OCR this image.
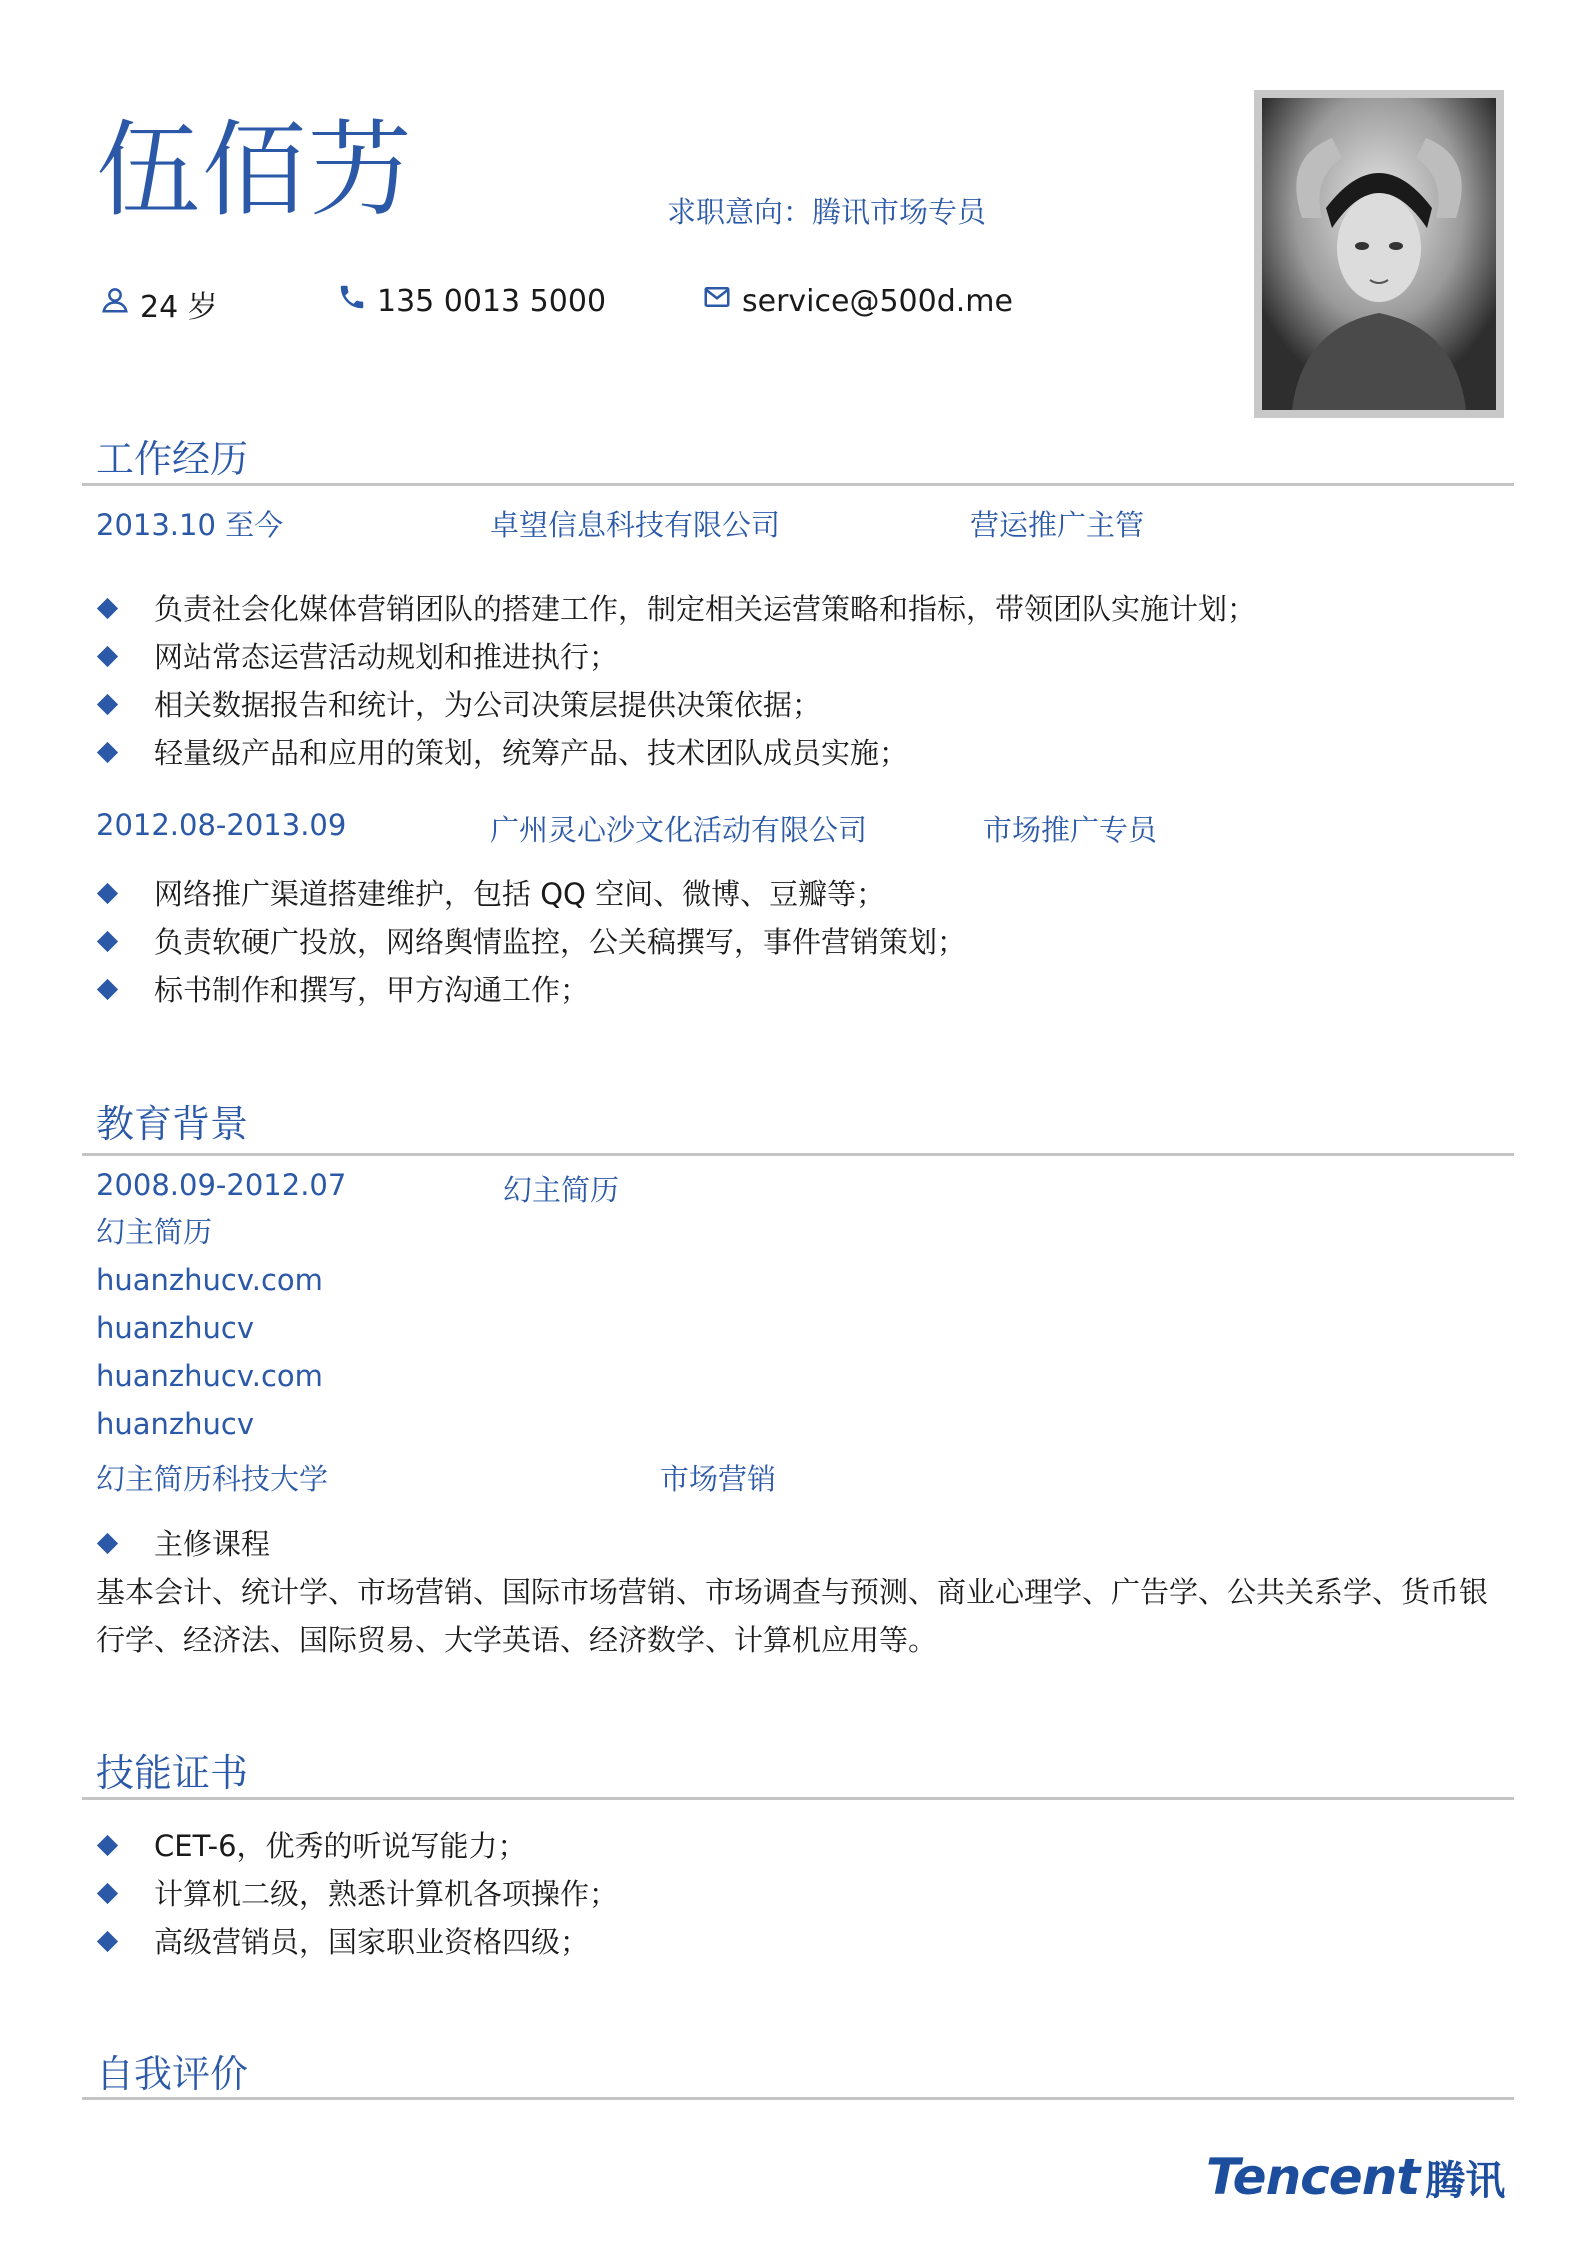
伍佰艻	求职意向：腾讯市场专员
24 岁	135 0013 5000	service@500d.me
工作经历
2013.10 至今	卓望信息科技有限公司	营运推广主管
负责社会化媒体营销团队的搭建工作，制定相关运营策略和指标，带领团队实施计划；
网站常态运营活动规划和推进执行；
相关数据报告和统计，为公司决策层提供决策依据；
轻量级产品和应用的策划，统筹产品、技术团队成员实施；
2012.08-2013.09	广州灵心沙文化活动有限公司	市场推广专员
网络推广渠道搭建维护，包括 QQ 空间、微博、豆瓣等；
负责软硬广投放，网络舆情监控，公关稿撰写，事件营销策划；
标书制作和撰写，甲方沟通工作；
教育背景
2008.09-2012.07	幻主简历
幻主简历
huanzhucv.com
huanzhucv
huanzhucv.com
huanzhucv
幻主简历科技大学	市场营销
主修课程
基本会计、统计学、市场营销、国际市场营销、市场调查与预测、商业心理学、广告学、公共关系学、货币银行学、经济法、国际贸易、大学英语、经济数学、计算机应用等。
技能证书
CET-6，优秀的听说写能力；
计算机二级，熟悉计算机各项操作；
高级营销员，国家职业资格四级；
自我评价
Tencent 腾讯
